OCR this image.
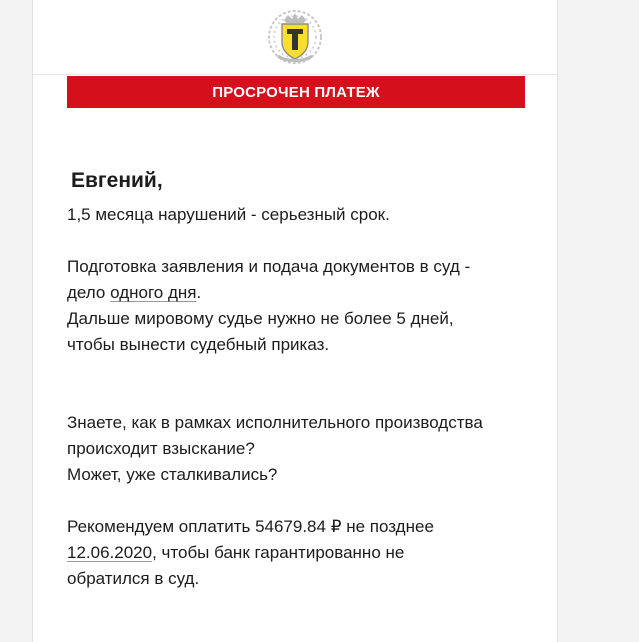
ПРОСРОЧЕН ПЛАТЕЖ
Евгений,

1,5 месяца нарушений - серьезный срок.

Подготовка заявления и подача документов в суд -

дело одного дня.

Дальше мировому судье нужно не более 5 дней,

чтобы вынести судебный приказ.

Знаете, как в рамках исполнительного производства

происходит взыскание?

Может, уже сталкивались?

Рекомендуем оплатить 54679.84 ₽ не позднее

12.06.2020, чтобы банк гарантированно не

обратился в суд.
